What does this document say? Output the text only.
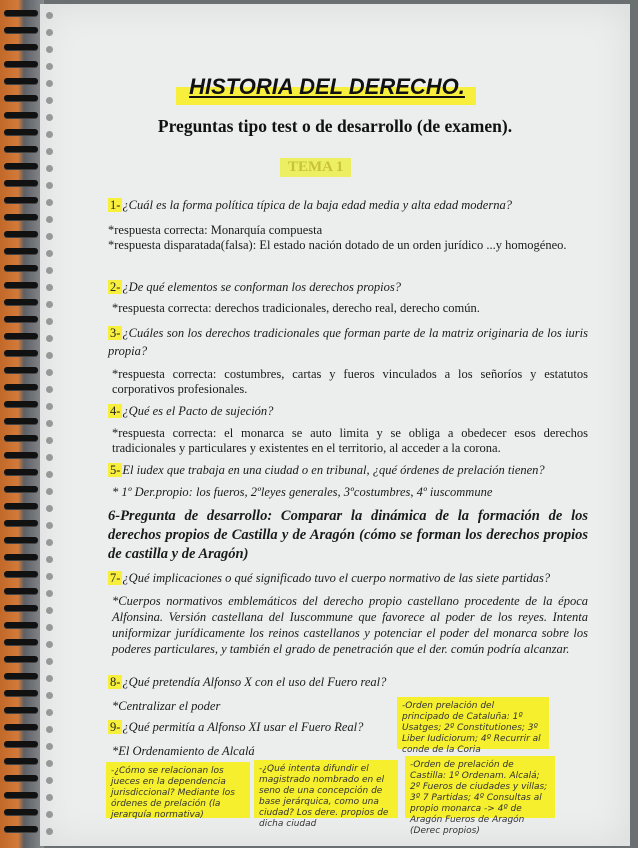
HISTORIA DEL DERECHO.
Preguntas tipo test o de desarrollo (de examen).
TEMA 1
1- ¿Cuál es la forma política típica de la baja edad media y alta edad moderna?
*respuesta correcta: Monarquía compuesta
*respuesta disparatada(falsa): El estado nación dotado de un orden jurídico ...y homogéneo.
2- ¿De qué elementos se conforman los derechos propios?
*respuesta correcta: derechos tradicionales, derecho real, derecho común.
3- ¿Cuáles son los derechos tradicionales que forman parte de la matriz originaria de los iuris propia?
*respuesta correcta: costumbres, cartas y fueros vinculados a los señoríos y estatutos corporativos profesionales.
4- ¿Qué es el Pacto de sujeción?
*respuesta correcta: el monarca se auto limita y se obliga a obedecer esos derechos tradicionales y particulares y existentes en el territorio, al acceder a la corona.
5- El iudex que trabaja en una ciudad o en tribunal, ¿qué órdenes de prelación tienen?
* 1º Der.propio: los fueros, 2ºleyes generales, 3ºcostumbres, 4º iuscommune
6-Pregunta de desarrollo: Comparar la dinámica de la formación de los derechos propios de Castilla y de Aragón (cómo se forman los derechos propios de castilla y de Aragón)
7- ¿Qué implicaciones o qué significado tuvo el cuerpo normativo de las siete partidas?
*Cuerpos normativos emblemáticos del derecho propio castellano procedente de la época Alfonsina. Versión castellana del Iuscommune que favorece al poder de los reyes. Intenta uniformizar jurídicamente los reinos castellanos y potenciar el poder del monarca sobre los poderes particulares, y también el grado de penetración que el der. común podría alcanzar.
8- ¿Qué pretendía Alfonso X con el uso del Fuero real?
*Centralizar el poder
9- ¿Qué permitía a Alfonso XI usar el Fuero Real?
*El Ordenamiento de Alcalá
-Orden prelación del principado de Cataluña: 1º Usatges; 2º Constitutiones; 3º Liber Iudiciorum; 4º Recurrir al conde de la Coria
-Orden de prelación de Castilla: 1º Ordenam. Alcalá; 2º Fueros de ciudades y villas; 3º 7 Partidas; 4º Consultas al propio monarca -> 4º de Aragón Fueros de Aragón (Derec propios)
-¿Cómo se relacionan los jueces en la dependencia jurisdiccional? Mediante los órdenes de prelación (la jerarquía normativa)
-¿Qué intenta difundir el magistrado nombrado en el seno de una concepción de base jerárquica, como una ciudad? Los dere. propios de dicha ciudad
